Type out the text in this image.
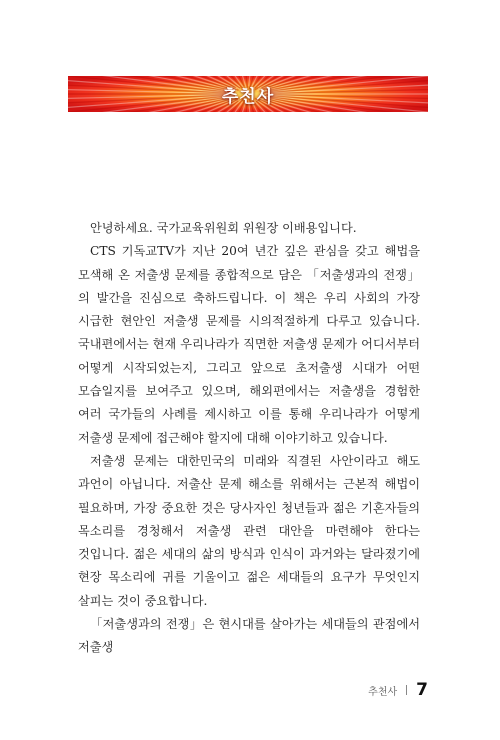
추천사

안녕하세요. 국가교육위원회 위원장 이배용입니다.

CTS 기독교TV가 지난 20여 년간 깊은 관심을 갖고 해법을 모색해 온 저출생 문제를 종합적으로 담은 「저출생과의 전쟁」의 발간을 진심으로 축하드립니다. 이 책은 우리 사회의 가장 시급한 현안인 저출생 문제를 시의적절하게 다루고 있습니다. 국내편에서는 현재 우리나라가 직면한 저출생 문제가 어디서부터 어떻게 시작되었는지, 그리고 앞으로 초저출생 시대가 어떤 모습일지를 보여주고 있으며, 해외편에서는 저출생을 경험한 여러 국가들의 사례를 제시하고 이를 통해 우리나라가 어떻게 저출생 문제에 접근해야 할지에 대해 이야기하고 있습니다.

저출생 문제는 대한민국의 미래와 직결된 사안이라고 해도 과언이 아닙니다. 저출산 문제 해소를 위해서는 근본적 해법이 필요하며, 가장 중요한 것은 당사자인 청년들과 젊은 기혼자들의 목소리를 경청해서 저출생 관련 대안을 마련해야 한다는 것입니다. 젊은 세대의 삶의 방식과 인식이 과거와는 달라졌기에 현장 목소리에 귀를 기울이고 젊은 세대들의 요구가 무엇인지 살피는 것이 중요합니다.

「저출생과의 전쟁」은 현시대를 살아가는 세대들의 관점에서 저출생

추천사 7
